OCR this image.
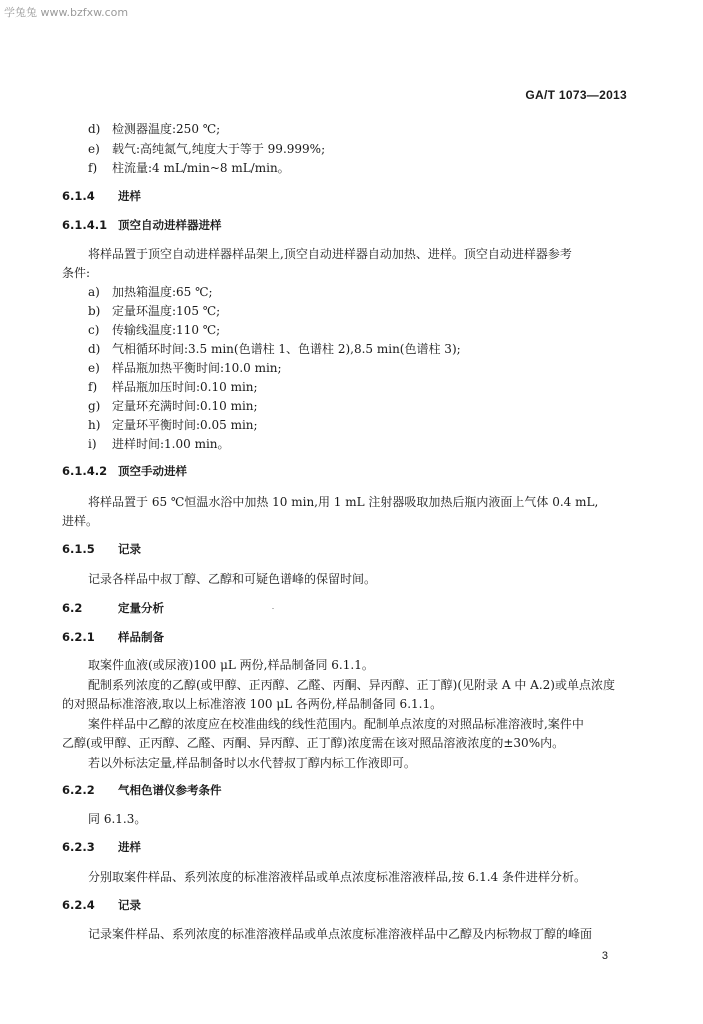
学兔兔 www.bzfxw.com
GA/T 1073—2013
d) 检测器温度:250 ℃;
e) 载气:高纯氮气,纯度大于等于 99.999%;
f) 柱流量:4 mL/min~8 mL/min。
6.1.4 进样
6.1.4.1 顶空自动进样器进样
将样品置于顶空自动进样器样品架上,顶空自动进样器自动加热、进样。顶空自动进样器参考
条件:
a) 加热箱温度:65 ℃;
b) 定量环温度:105 ℃;
c) 传输线温度:110 ℃;
d) 气相循环时间:3.5 min(色谱柱 1、色谱柱 2),8.5 min(色谱柱 3);
e) 样品瓶加热平衡时间:10.0 min;
f) 样品瓶加压时间:0.10 min;
g) 定量环充满时间:0.10 min;
h) 定量环平衡时间:0.05 min;
i) 进样时间:1.00 min。
6.1.4.2 顶空手动进样
将样品置于 65 ℃恒温水浴中加热 10 min,用 1 mL 注射器吸取加热后瓶内液面上气体 0.4 mL,
进样。
6.1.5 记录
记录各样品中叔丁醇、乙醇和可疑色谱峰的保留时间。
6.2	定量分析
6.2.1 样品制备
取案件血液(或尿液)100 μL 两份,样品制备同 6.1.1。
配制系列浓度的乙醇(或甲醇、正丙醇、乙醛、丙酮、异丙醇、正丁醇)(见附录 A 中 A.2)或单点浓度
的对照品标准溶液,取以上标准溶液 100 μL 各两份,样品制备同 6.1.1。
案件样品中乙醇的浓度应在校准曲线的线性范围内。配制单点浓度的对照品标准溶液时,案件中
乙醇(或甲醇、正丙醇、乙醛、丙酮、异丙醇、正丁醇)浓度需在该对照品溶液浓度的±30%内。
若以外标法定量,样品制备时以水代替叔丁醇内标工作液即可。
6.2.2 气相色谱仪参考条件
同 6.1.3。
6.2.3 进样
分别取案件样品、系列浓度的标准溶液样品或单点浓度标准溶液样品,按 6.1.4 条件进样分析。
6.2.4 记录
记录案件样品、系列浓度的标准溶液样品或单点浓度标准溶液样品中乙醇及内标物叔丁醇的峰面
3
